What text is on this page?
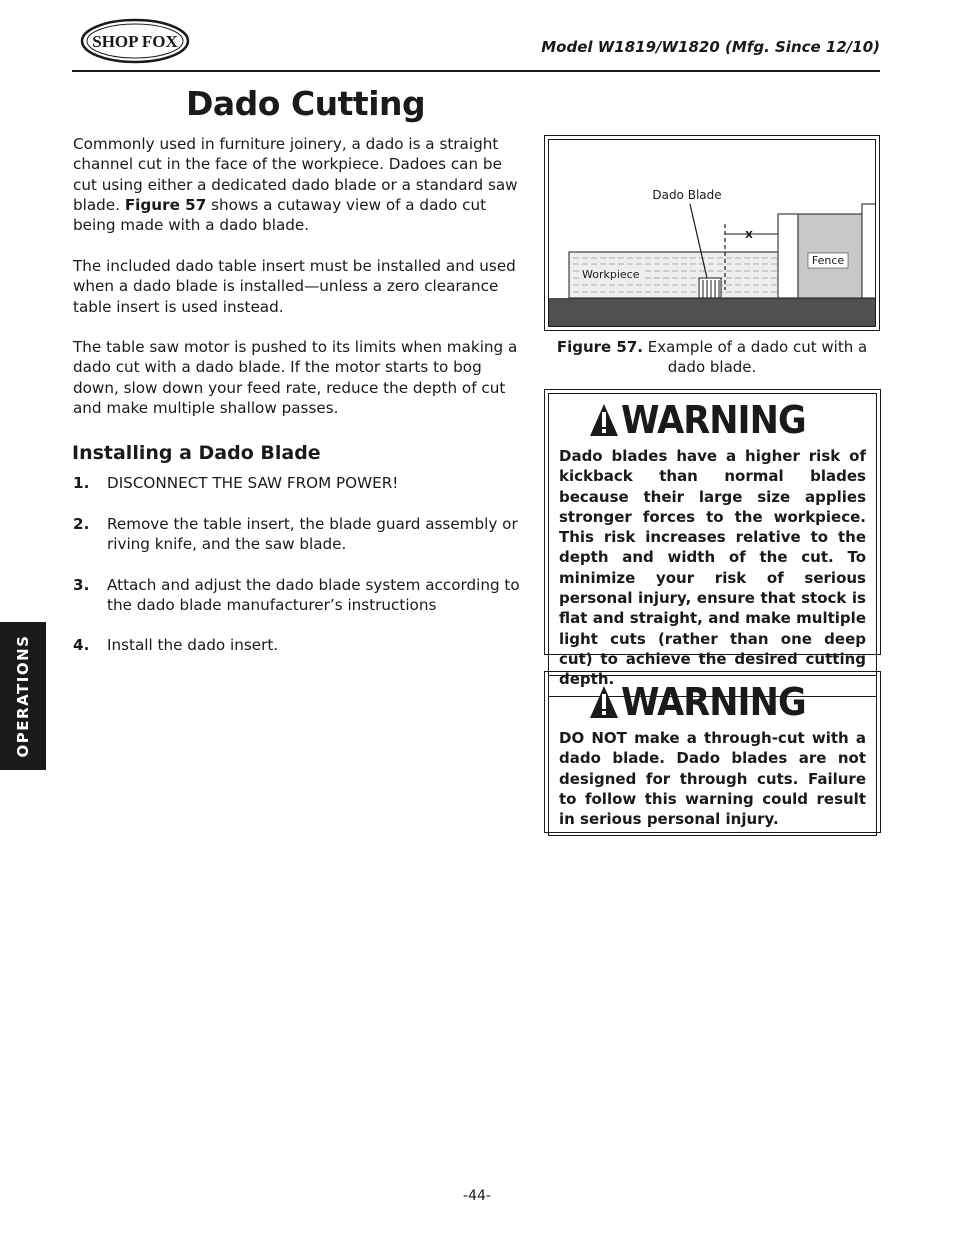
SHOP FOX	Model W1819/W1820 (Mfg. Since 12/10)
Dado Cutting

Commonly used in furniture joinery, a dado is a straight channel cut in the face of the workpiece. Dadoes can be cut using either a dedicated dado blade or a standard saw blade. Figure 57 shows a cutaway view of a dado cut being made with a dado blade.

The included dado table insert must be installed and used when a dado blade is installed—unless a zero clearance table insert is used instead.

The table saw motor is pushed to its limits when making a dado cut with a dado blade. If the motor starts to bog down, slow down your feed rate, reduce the depth of cut and make multiple shallow passes.

Installing a Dado Blade
1. DISCONNECT THE SAW FROM POWER!
2. Remove the table insert, the blade guard assembly or riving knife, and the saw blade.
3. Attach and adjust the dado blade system according to the dado blade manufacturer’s instructions
4. Install the dado insert.
OPERATIONS
X
Dado Blade
Workpiece
Fence
Figure 57. Example of a dado cut with a dado blade.
WARNING
Dado blades have a higher risk of kickback than normal blades because their large size applies stronger forces to the workpiece. This risk increases relative to the depth and width of the cut. To minimize your risk of serious personal injury, ensure that stock is flat and straight, and make multiple light cuts (rather than one deep cut) to achieve the desired cutting depth.
WARNING
DO NOT make a through-cut with a dado blade. Dado blades are not designed for through cuts. Failure to follow this warning could result in serious personal injury.
-44-
